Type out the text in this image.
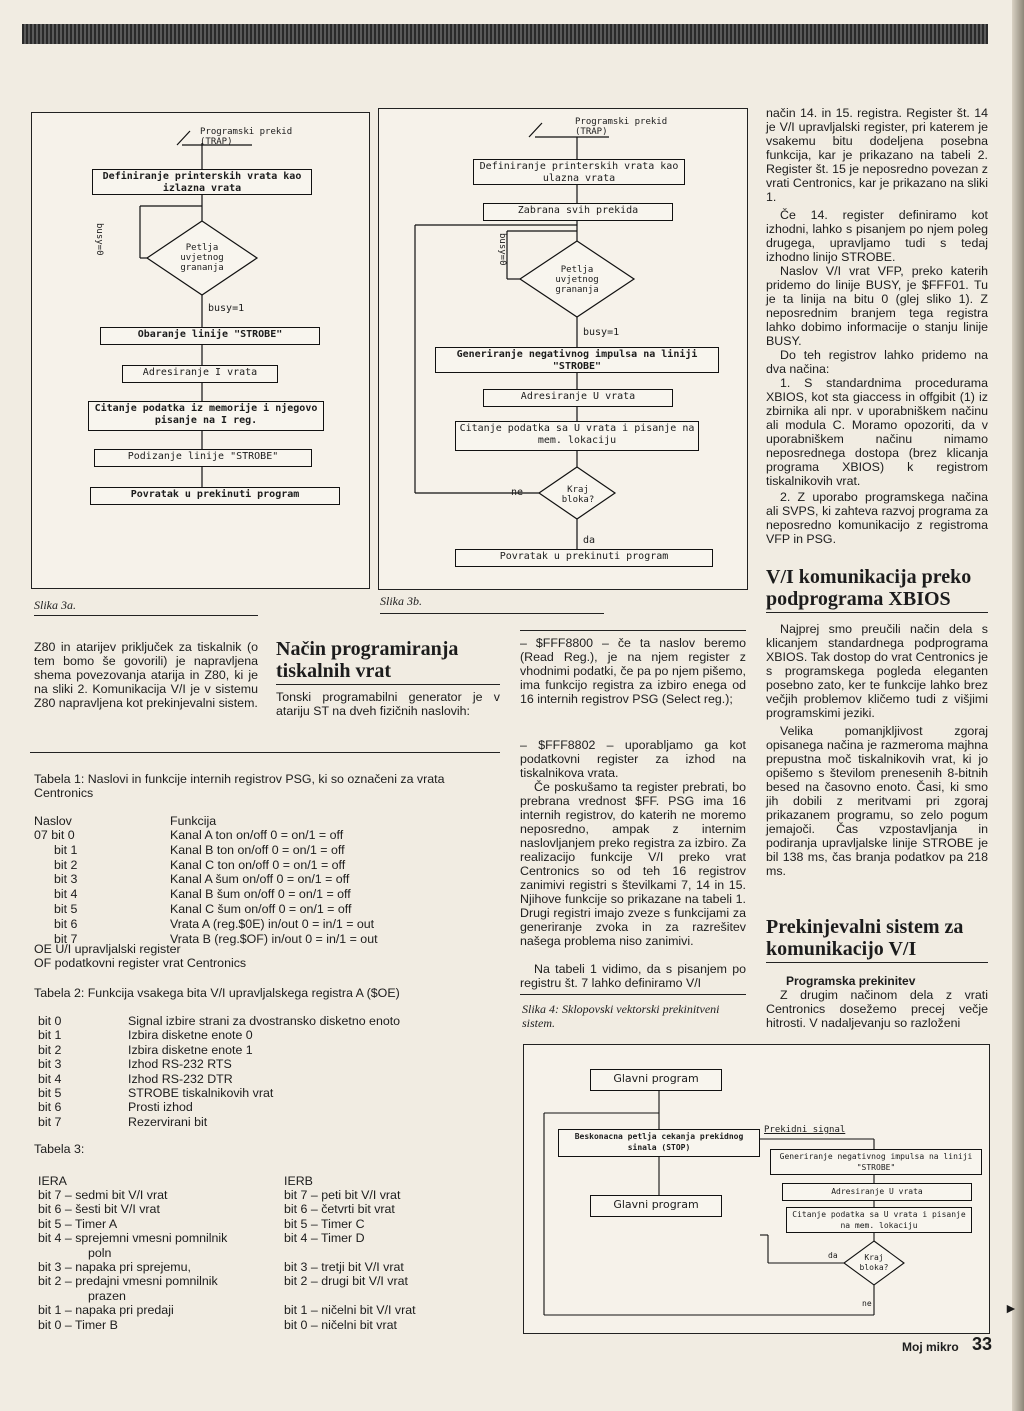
Programski prekid (TRAP)
Definiranje printerskih vrata kao izlazna vrata
busy=0	Petlja uvjetnog grananja
busy=1
Obaranje linije "STROBE"
Adresiranje I vrata
Citanje podatka iz memorije i njegovo pisanje na I reg.
Podizanje linije "STROBE"
Povratak u prekinuti program
Slika 3a.
Programski prekid (TRAP)
Definiranje printerskih vrata kao ulazna vrata
Zabrana svih prekida
busy=0
Petlja uvjetnog grananja
busy=1
Generiranje negativnog impulsa na liniji "STROBE"
Adresiranje U vrata
Citanje podatka sa U vrata i pisanje na mem. lokaciju
Kraj bloka?
ne
da
Povratak u prekinuti program
Slika 3b.
Z80 in atarijev priključek za tiskalnik (o tem bomo še govorili) je napravljena shema povezovanja atarija in Z80, ki je na sliki 2. Komunikacija V/I je v sistemu Z80 napravljena kot prekinjevalni sistem.
Način programiranja tiskalnih vrat
Tonski programabilni generator je v atariju ST na dveh fizičnih naslovih:
Tabela 1: Naslovi in funkcije internih registrov PSG, ki so označeni za vrata Centronics
Naslov	Funkcija
07 bit 0	Kanal A ton on/off 0 = on/1 = off
bit 1	Kanal B ton on/off 0 = on/1 = off
bit 2	Kanal C ton on/off 0 = on/1 = off
bit 3	Kanal A šum on/off 0 = on/1 = off
bit 4	Kanal B šum on/off 0 = on/1 = off
bit 5	Kanal C šum on/off 0 = on/1 = off
bit 6	Vrata A (reg.$0E) in/out 0 = in/1 = out
bit 7	Vrata B (reg.$OF) in/out 0 = in/1 = out
OE U/I upravljalski register
OF podatkovni register vrat Centronics
Tabela 2: Funkcija vsakega bita V/I upravljalskega registra A ($OE)
bit 0	Signal izbire strani za dvostransko disketno enoto
bit 1	Izbira disketne enote 0
bit 2	Izbira disketne enote 1
bit 3	Izhod RS-232 RTS
bit 4	Izhod RS-232 DTR
bit 5	STROBE tiskalnikovih vrat
bit 6	Prosti izhod
bit 7	Rezervirani bit
Tabela 3:
IERA	IERB
bit 7 – sedmi bit V/I vrat	bit 7 – peti bit V/I vrat
bit 6 – šesti bit V/I vrat	bit 6 – četvrti bit vrat
bit 5 – Timer A	bit 5 – Timer C
bit 4 – sprejemni vmesni pomnilnik	bit 4 – Timer D
poln
bit 3 – napaka pri sprejemu,	bit 3 – tretji bit V/I vrat
bit 2 – predajni vmesni pomnilnik	bit 2 – drugi bit V/I vrat
prazen
bit 1 – napaka pri predaji	bit 1 – ničelni bit V/I vrat
bit 0 – Timer B	bit 0 – ničelni bit vrat
– $FFF8800 – če ta naslov beremo (Read Reg.), je na njem register z vhodnimi podatki, če pa po njem pišemo, ima funkcijo registra za izbiro enega od 16 internih registrov PSG (Select reg.);
– $FFF8802 – uporabljamo ga kot podatkovni register za izhod na tiskalnikova vrata.
Če poskušamo ta register prebrati, bo prebrana vrednost $FF. PSG ima 16 internih registrov, do katerih ne moremo neposredno, ampak z internim naslovljanjem preko registra za izbiro. Za realizacijo funkcije V/I preko vrat Centronics so od teh 16 registrov zanimivi registri s številkami 7, 14 in 15. Njihove funkcije so prikazane na tabeli 1. Drugi registri imajo zveze s funkcijami za generiranje zvoka in za razrešitev našega problema niso zanimivi.
Na tabeli 1 vidimo, da s pisanjem po registru št. 7 lahko definiramo V/I
Slika 4: Sklopovski vektorski prekinitveni sistem.
način 14. in 15. registra. Register št. 14 je V/I upravljalski register, pri katerem je vsakemu bitu dodeljena posebna funkcija, kar je prikazano na tabeli 2. Register št. 15 je neposredno povezan z vrati Centronics, kar je prikazano na sliki 1.
Če 14. register definiramo kot izhodni, lahko s pisanjem po njem poleg drugega, upravljamo tudi s tedaj izhodno linijo STROBE.
Naslov V/I vrat VFP, preko katerih pridemo do linije BUSY, je $FFF01. Tu je ta linija na bitu 0 (glej sliko 1). Z neposrednim branjem tega registra lahko dobimo informacije o stanju linije BUSY.
Do teh registrov lahko pridemo na dva načina:
1. S standardnima procedurama XBIOS, kot sta giaccess in offgibit (1) iz zbirnika ali npr. v uporabniškem načinu ali modula C. Moramo opozoriti, da v uporabniškem načinu nimamo neposrednega dostopa (brez klicanja programa XBIOS) k registrom tiskalnikovih vrat.
2. Z uporabo programskega načina ali SVPS, ki zahteva razvoj programa za neposredno komunikacijo z registroma VFP in PSG.
V/I komunikacija preko podprograma XBIOS
Najprej smo preučili način dela s klicanjem standardnega podprograma XBIOS. Tak dostop do vrat Centronics je s programskega pogleda eleganten posebno zato, ker te funkcije lahko brez večjih problemov kličemo tudi z višjimi programskimi jeziki.
Velika pomanjkljivost zgoraj opisanega načina je razmeroma majhna prepustna moč tiskalnikovih vrat, ki jo opišemo s številom prenesenih 8-bitnih besed na časovno enoto. Časi, ki smo jih dobili z meritvami pri zgoraj prikazanem programu, so zelo pogum jemajoči. Čas vzpostavljanja in podiranja upravljalske linije STROBE je bil 138 ms, čas branja podatkov pa 218 ms.
Prekinjevalni sistem za komunikacijo V/I
Programska prekinitev
Z drugim načinom dela z vrati Centronics dosežemo precej večje hitrosti. V nadaljevanju so razloženi
Glavni program
Beskonacna petlja cekanja prekidnog sinala (STOP)
Prekidni signal
Generiranje negativnog impulsa na liniji "STROBE"
Adresiranje U vrata
Glavni program
Citanje podatka sa U vrata i pisanje na mem. lokaciju
Kraj bloka?
da
ne	►
Moj mikro 33
